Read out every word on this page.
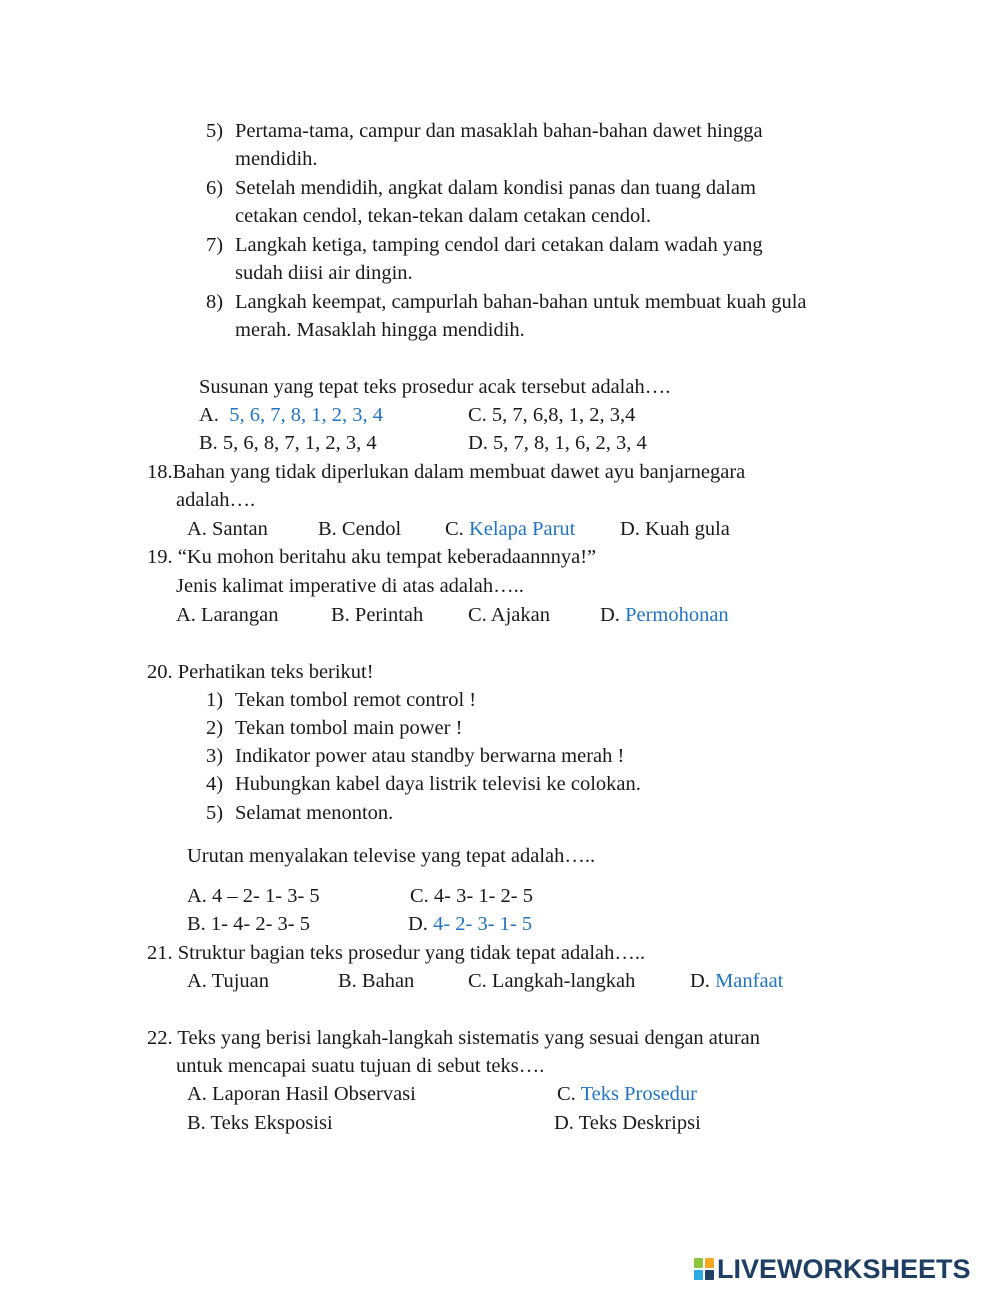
5) Pertama-tama, campur dan masaklah bahan-bahan dawet hingga
mendidih.
6) Setelah mendidih, angkat dalam kondisi panas dan tuang dalam
cetakan cendol, tekan-tekan dalam cetakan cendol.
7) Langkah ketiga, tamping cendol dari cetakan dalam wadah yang
sudah diisi air dingin.
8) Langkah keempat, campurlah bahan-bahan untuk membuat kuah gula
merah. Masaklah hingga mendidih.
Susunan yang tepat teks prosedur acak tersebut adalah….
A. 5, 6, 7, 8, 1, 2, 3, 4	C. 5, 7, 6,8, 1, 2, 3,4
B. 5, 6, 8, 7, 1, 2, 3, 4	D. 5, 7, 8, 1, 6, 2, 3, 4
18.Bahan yang tidak diperlukan dalam membuat dawet ayu banjarnegara
adalah….
A. Santan B. Cendol C. Kelapa Parut D. Kuah gula
19. “Ku mohon beritahu aku tempat keberadaannnya!”
Jenis kalimat imperative di atas adalah…..
A. Larangan	B. Perintah C. Ajakan D. Permohonan
20. Perhatikan teks berikut!
1) Tekan tombol remot control !
2) Tekan tombol main power !
3) Indikator power atau standby berwarna merah !
4) Hubungkan kabel daya listrik televisi ke colokan.
5) Selamat menonton.
Urutan menyalakan televise yang tepat adalah…..
A. 4 – 2- 1- 3- 5	C. 4- 3- 1- 2- 5
B. 1- 4- 2- 3- 5	D. 4- 2- 3- 1- 5
21. Struktur bagian teks prosedur yang tidak tepat adalah…..
A. Tujuan	B. Bahan	C. Langkah-langkah	D. Manfaat
22. Teks yang berisi langkah-langkah sistematis yang sesuai dengan aturan
untuk mencapai suatu tujuan di sebut teks….
A. Laporan Hasil Observasi	C. Teks Prosedur
B. Teks Eksposisi	D. Teks Deskripsi
LIVEWORKSHEETS
